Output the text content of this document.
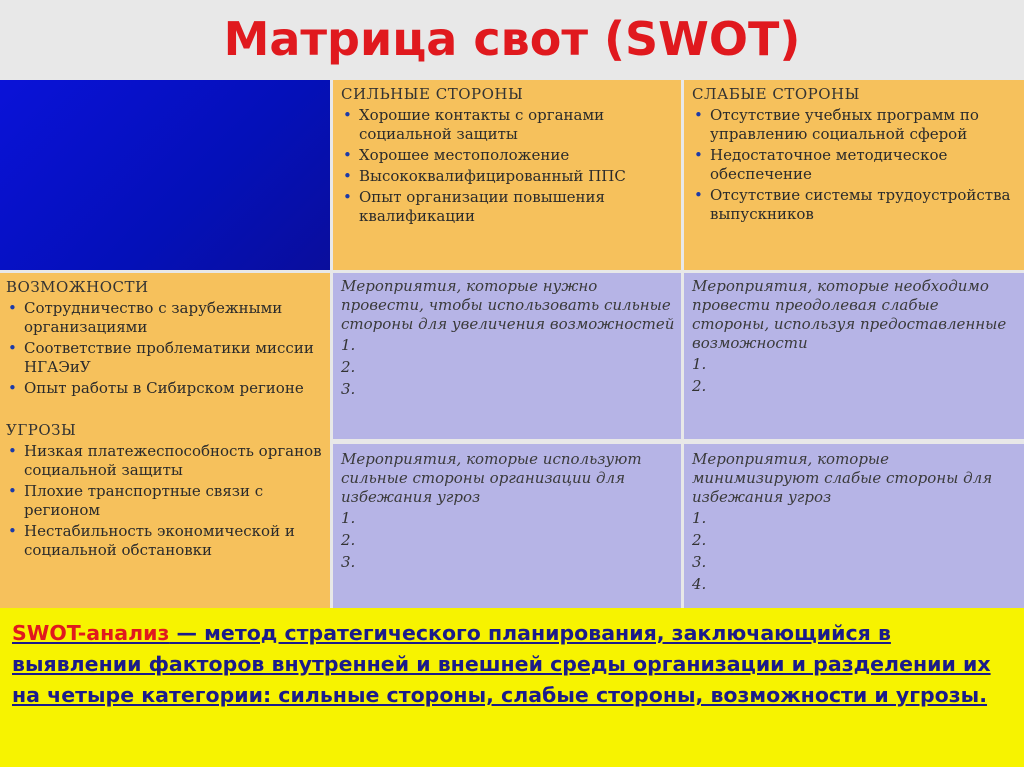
Матрица свот (SWOT)
СИЛЬНЫЕ СТОРОНЫ
• Хорошие контакты с органами социальной защиты
• Хорошее местоположение
• Высококвалифицированный ППС
• Опыт организации повышения квалификации
СЛАБЫЕ СТОРОНЫ
• Отсутствие учебных программ по управлению социальной сферой
• Недостаточное методическое обеспечение
• Отсутствие системы трудоустройства выпускников
ВОЗМОЖНОСТИ
• Сотрудничество с зарубежными организациями
• Соответствие проблематики миссии НГАЭиУ
• Опыт работы в Сибирском регионе
УГРОЗЫ
• Низкая платежеспособность органов социальной защиты
• Плохие транспортные связи с регионом
• Нестабильность экономической и социальной обстановки
Мероприятия, которые нужно провести, чтобы использовать сильные стороны для увеличения возможностей
1.
2.
3.
Мероприятия, которые необходимо провести преодолевая слабые стороны, используя предоставленные возможности
1.
2.
Мероприятия, которые используют сильные стороны организации для избежания угроз
1.
2.
3.
Мероприятия, которые минимизируют слабые стороны для избежания угроз
1.
2.
3.
4.
SWOT-анализ — метод стратегического планирования, заключающийся в выявлении факторов внутренней и внешней среды организации и разделении их на четыре категории: сильные стороны, слабые стороны, возможности и угрозы.
